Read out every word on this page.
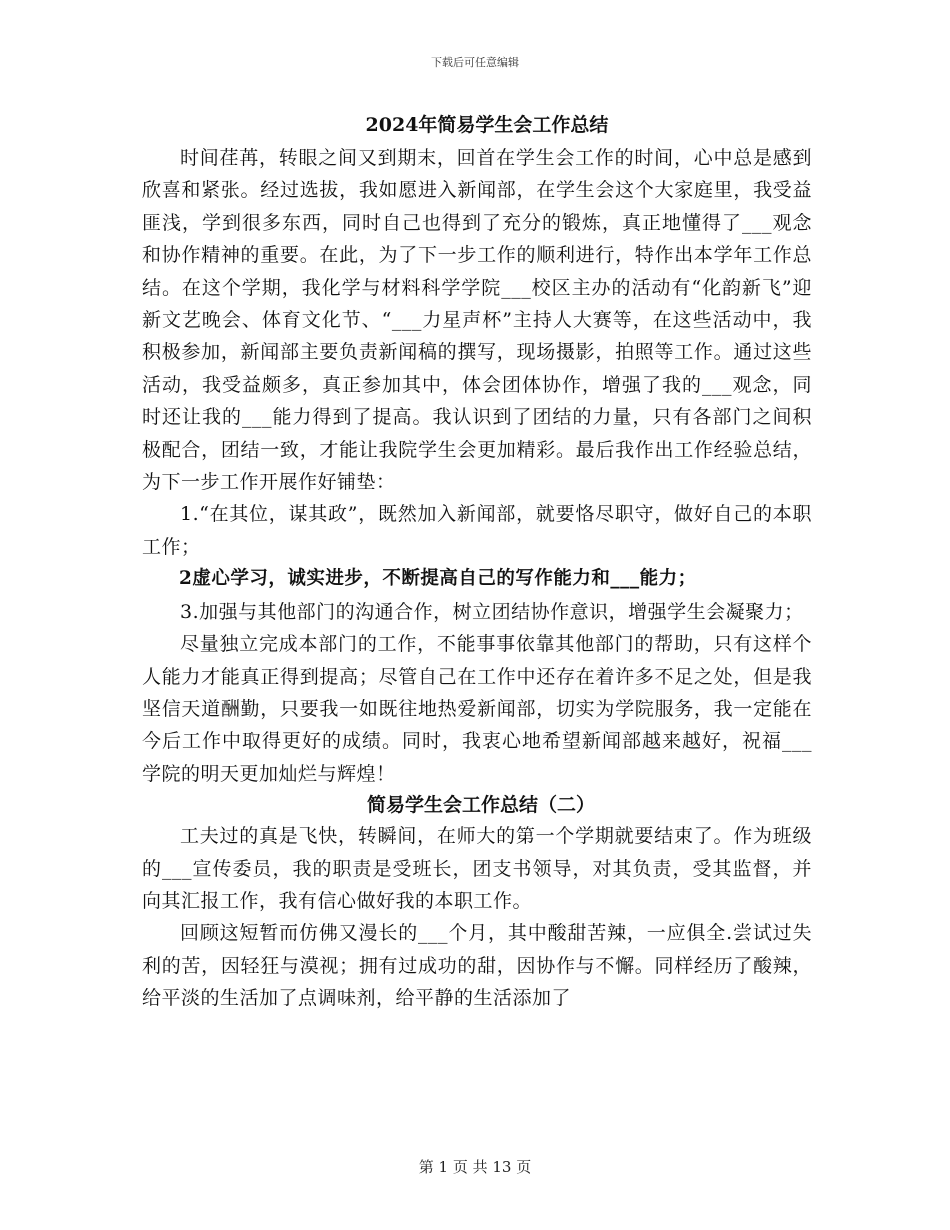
下载后可任意编辑
2024年简易学生会工作总结

时间荏苒，转眼之间又到期末，回首在学生会工作的时间，心中总是感到欣喜和紧张。经过选拔，我如愿进入新闻部，在学生会这个大家庭里，我受益匪浅，学到很多东西，同时自己也得到了充分的锻炼，真正地懂得了___观念和协作精神的重要。在此，为了下一步工作的顺利进行，特作出本学年工作总结。在这个学期，我化学与材料科学学院___校区主办的活动有“化韵新飞”迎新文艺晚会、体育文化节、“___力星声杯”主持人大赛等，在这些活动中，我积极参加，新闻部主要负责新闻稿的撰写，现场摄影，拍照等工作。通过这些活动，我受益颇多，真正参加其中，体会团体协作，增强了我的___观念，同时还让我的___能力得到了提高。我认识到了团结的力量，只有各部门之间积极配合，团结一致，才能让我院学生会更加精彩。最后我作出工作经验总结，为下一步工作开展作好铺垫：

1.“在其位，谋其政”，既然加入新闻部，就要恪尽职守，做好自己的本职工作；

2虚心学习，诚实进步，不断提高自己的写作能力和___能力；

3.加强与其他部门的沟通合作，树立团结协作意识，增强学生会凝聚力；

尽量独立完成本部门的工作，不能事事依靠其他部门的帮助，只有这样个人能力才能真正得到提高；尽管自己在工作中还存在着许多不足之处，但是我坚信天道酬勤，只要我一如既往地热爱新闻部，切实为学院服务，我一定能在今后工作中取得更好的成绩。同时，我衷心地希望新闻部越来越好，祝福___学院的明天更加灿烂与辉煌！

简易学生会工作总结（二）

工夫过的真是飞快，转瞬间，在师大的第一个学期就要结束了。作为班级的___宣传委员，我的职责是受班长，团支书领导，对其负责，受其监督，并向其汇报工作，我有信心做好我的本职工作。

回顾这短暂而仿佛又漫长的___个月，其中酸甜苦辣，一应俱全.尝试过失利的苦，因轻狂与漠视；拥有过成功的甜，因协作与不懈。同样经历了酸辣，给平淡的生活加了点调味剂，给平静的生活添加了

第 1 页 共 13 页
